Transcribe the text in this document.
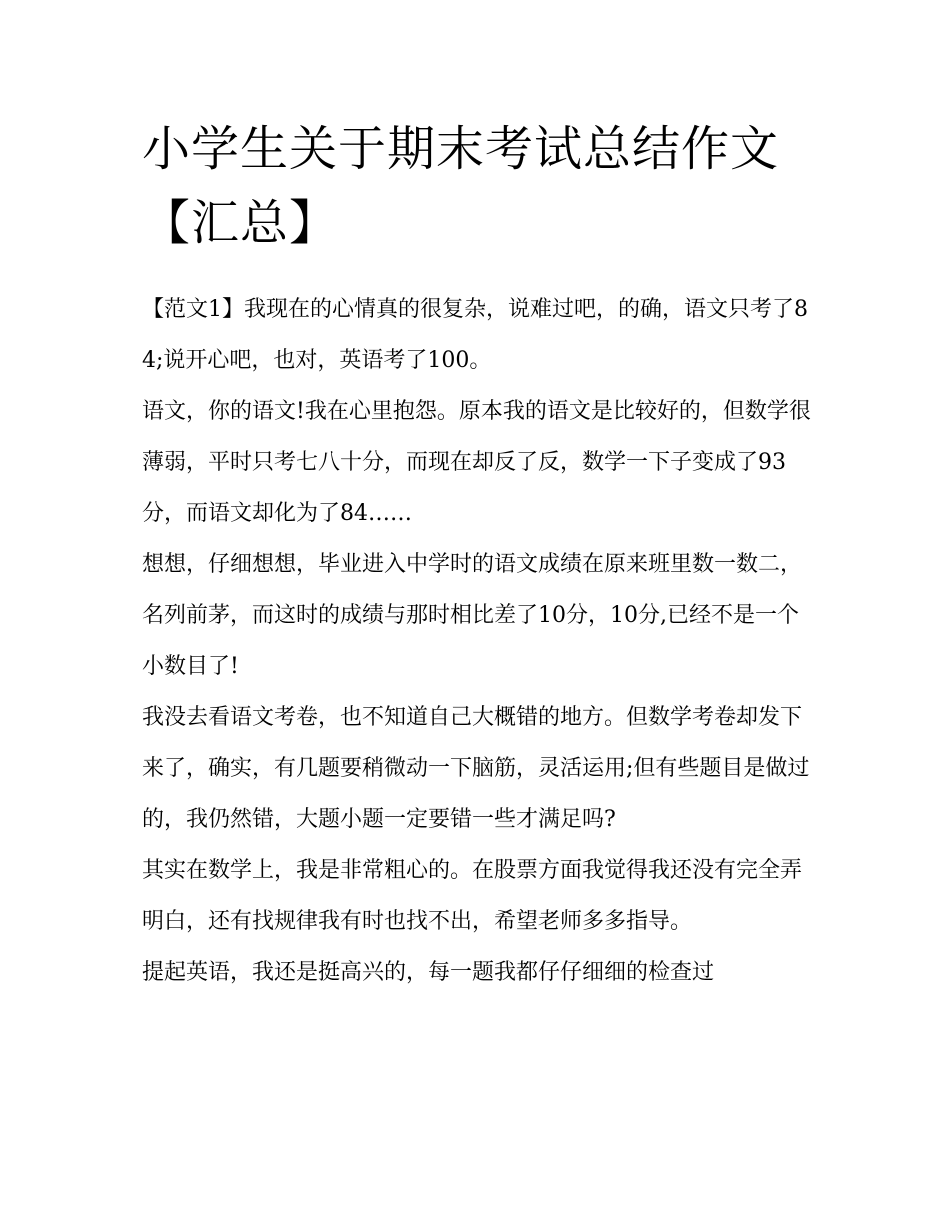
小学生关于期末考试总结作文【汇总】

【范文1】我现在的心情真的很复杂，说难过吧，的确，语文只考了84;说开心吧，也对，英语考了100。

语文，你的语文!我在心里抱怨。原本我的语文是比较好的，但数学很薄弱，平时只考七八十分，而现在却反了反，数学一下子变成了93分，而语文却化为了84……

想想，仔细想想，毕业进入中学时的语文成绩在原来班里数一数二，名列前茅，而这时的成绩与那时相比差了10分，10分,已经不是一个小数目了!

我没去看语文考卷，也不知道自己大概错的地方。但数学考卷却发下来了，确实，有几题要稍微动一下脑筋，灵活运用;但有些题目是做过的，我仍然错，大题小题一定要错一些才满足吗?

其实在数学上，我是非常粗心的。在股票方面我觉得我还没有完全弄明白，还有找规律我有时也找不出，希望老师多多指导。

提起英语，我还是挺高兴的，每一题我都仔仔细细的检查过
